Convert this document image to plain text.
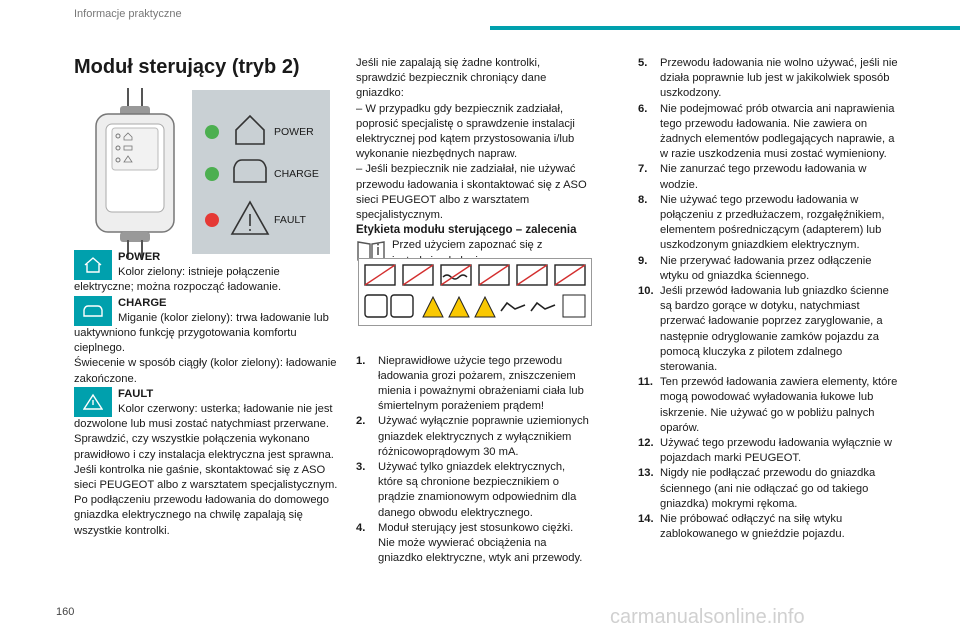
Informacje praktyczne
Moduł sterujący (tryb 2)
POWER
CHARGE
FAULT

POWER

Kolor zielony: istnieje połączenie elektryczne; można rozpocząć ładowanie.

CHARGE

Miganie (kolor zielony): trwa ładowanie lub uaktywniono funkcję przygotowania komfortu cieplnego.

Świecenie w sposób ciągły (kolor zielony): ładowanie zakończone.

FAULT

Kolor czerwony: usterka; ładowanie nie jest dozwolone lub musi zostać natychmiast przerwane.

Sprawdzić, czy wszystkie połączenia wykonano prawidłowo i czy instalacja elektryczna jest sprawna.

Jeśli kontrolka nie gaśnie, skontaktować się z ASO sieci PEUGEOT albo z warsztatem specjalistycznym.

Po podłączeniu przewodu ładowania do domowego gniazdka elektrycznego na chwilę zapalają się wszystkie kontrolki.

Jeśli nie zapalają się żadne kontrolki, sprawdzić bezpiecznik chroniący dane gniazdko:

– W przypadku gdy bezpiecznik zadziałał, poprosić specjalistę o sprawdzenie instalacji elektrycznej pod kątem przystosowania i/lub wykonanie niezbędnych napraw.

– Jeśli bezpiecznik nie zadziałał, nie używać przewodu ładowania i skontaktować się z ASO sieci PEUGEOT albo z warsztatem specjalistycznym.

Etykieta modułu sterującego – zalecenia

Przed użyciem zapoznać się z

1.	Nieprawidłowe użycie tego przewodu ładowania grozi pożarem, zniszczeniem mienia i poważnymi obrażeniami ciała lub śmiertelnym porażeniem prądem!
2.	Używać wyłącznie poprawnie uziemionych gniazdek elektrycznych z wyłącznikiem różnicowoprądowym 30 mA.
3.	Używać tylko gniazdek elektrycznych, które są chronione bezpiecznikiem o prądzie znamionowym odpowiednim dla danego obwodu elektrycznego.
4.	Moduł sterujący jest stosunkowo ciężki. Nie może wywierać obciążenia na gniazdko elektryczne, wtyk ani przewody.
5.	Przewodu ładowania nie wolno używać, jeśli nie działa poprawnie lub jest w jakikolwiek sposób uszkodzony.
6.	Nie podejmować prób otwarcia ani naprawienia tego przewodu ładowania. Nie zawiera on żadnych elementów podlegających naprawie, a w razie uszkodzenia musi zostać wymieniony.
7.	Nie zanurzać tego przewodu ładowania w wodzie.
8.	Nie używać tego przewodu ładowania w połączeniu z przedłużaczem, rozgałęźnikiem, elementem pośredniczącym (adapterem) lub uszkodzonym gniazdkiem elektrycznym.
9.	Nie przerywać ładowania przez odłączenie wtyku od gniazdka ściennego.
10. Jeśli przewód ładowania lub gniazdko ścienne są bardzo gorące w dotyku, natychmiast przerwać ładowanie poprzez zaryglowanie, a następnie odryglowanie zamków pojazdu za pomocą kluczyka z pilotem zdalnego sterowania.
11. Ten przewód ładowania zawiera elementy, które mogą powodować wyładowania łukowe lub iskrzenie. Nie używać go w pobliżu palnych oparów.
12. Używać tego przewodu ładowania wyłącznie w pojazdach marki PEUGEOT.
13. Nigdy nie podłączać przewodu do gniazdka ściennego (ani nie odłączać go od takiego gniazdka) mokrymi rękoma.
14. Nie próbować odłączyć na siłę wtyku zablokowanego w gnieździe pojazdu.
160	carmanualsonline.info
